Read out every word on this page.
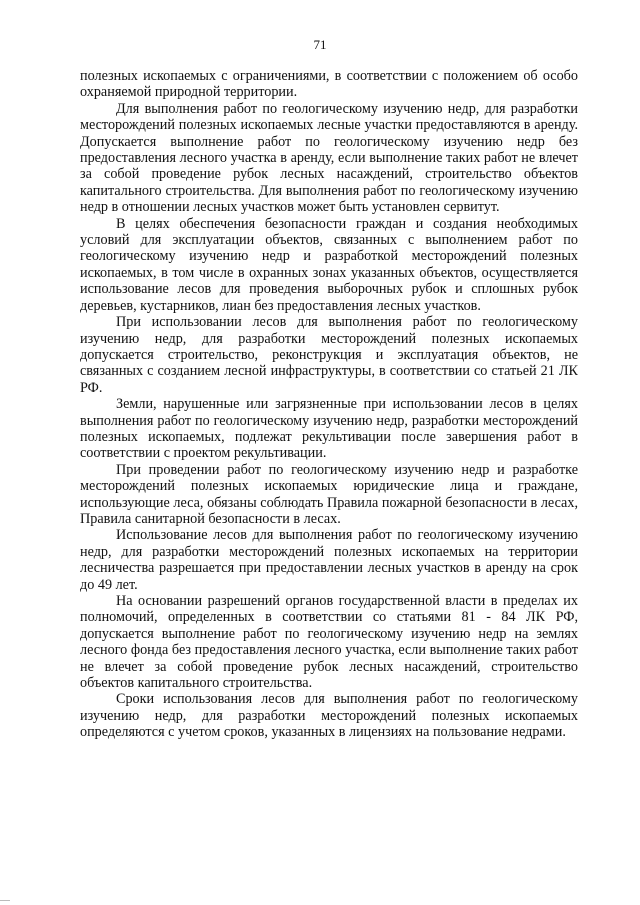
71

полезных ископаемых с ограничениями, в соответствии с положением об особо охраняемой природной территории.

Для выполнения работ по геологическому изучению недр, для разработки месторождений полезных ископаемых лесные участки предоставляются в аренду. Допускается выполнение работ по геологическому изучению недр без предоставления лесного участка в аренду, если выполнение таких работ не влечет за собой проведение рубок лесных насаждений, строительство объектов капитального строительства. Для выполнения работ по геологическому изучению недр в отношении лесных участков может быть установлен сервитут.

В целях обеспечения безопасности граждан и создания необходимых условий для эксплуатации объектов, связанных с выполнением работ по геологическому изучению недр и разработкой месторождений полезных ископаемых, в том числе в охранных зонах указанных объектов, осуществляется использование лесов для проведения выборочных рубок и сплошных рубок деревьев, кустарников, лиан без предоставления лесных участков.

При использовании лесов для выполнения работ по геологическому изучению недр, для разработки месторождений полезных ископаемых допускается строительство, реконструкция и эксплуатация объектов, не связанных с созданием лесной инфраструктуры, в соответствии со статьей 21 ЛК РФ.

Земли, нарушенные или загрязненные при использовании лесов в целях выполнения работ по геологическому изучению недр, разработки месторождений полезных ископаемых, подлежат рекультивации после завершения работ в соответствии с проектом рекультивации.

При проведении работ по геологическому изучению недр и разработке месторождений полезных ископаемых юридические лица и граждане, использующие леса, обязаны соблюдать Правила пожарной безопасности в лесах, Правила санитарной безопасности в лесах.

Использование лесов для выполнения работ по геологическому изучению недр, для разработки месторождений полезных ископаемых на территории лесничества разрешается при предоставлении лесных участков в аренду на срок до 49 лет.

На основании разрешений органов государственной власти в пределах их полномочий, определенных в соответствии со статьями 81 - 84 ЛК РФ, допускается выполнение работ по геологическому изучению недр на землях лесного фонда без предоставления лесного участка, если выполнение таких работ не влечет за собой проведение рубок лесных насаждений, строительство объектов капитального строительства.

Сроки использования лесов для выполнения работ по геологическому изучению недр, для разработки месторождений полезных ископаемых определяются с учетом сроков, указанных в лицензиях на пользование недрами.
